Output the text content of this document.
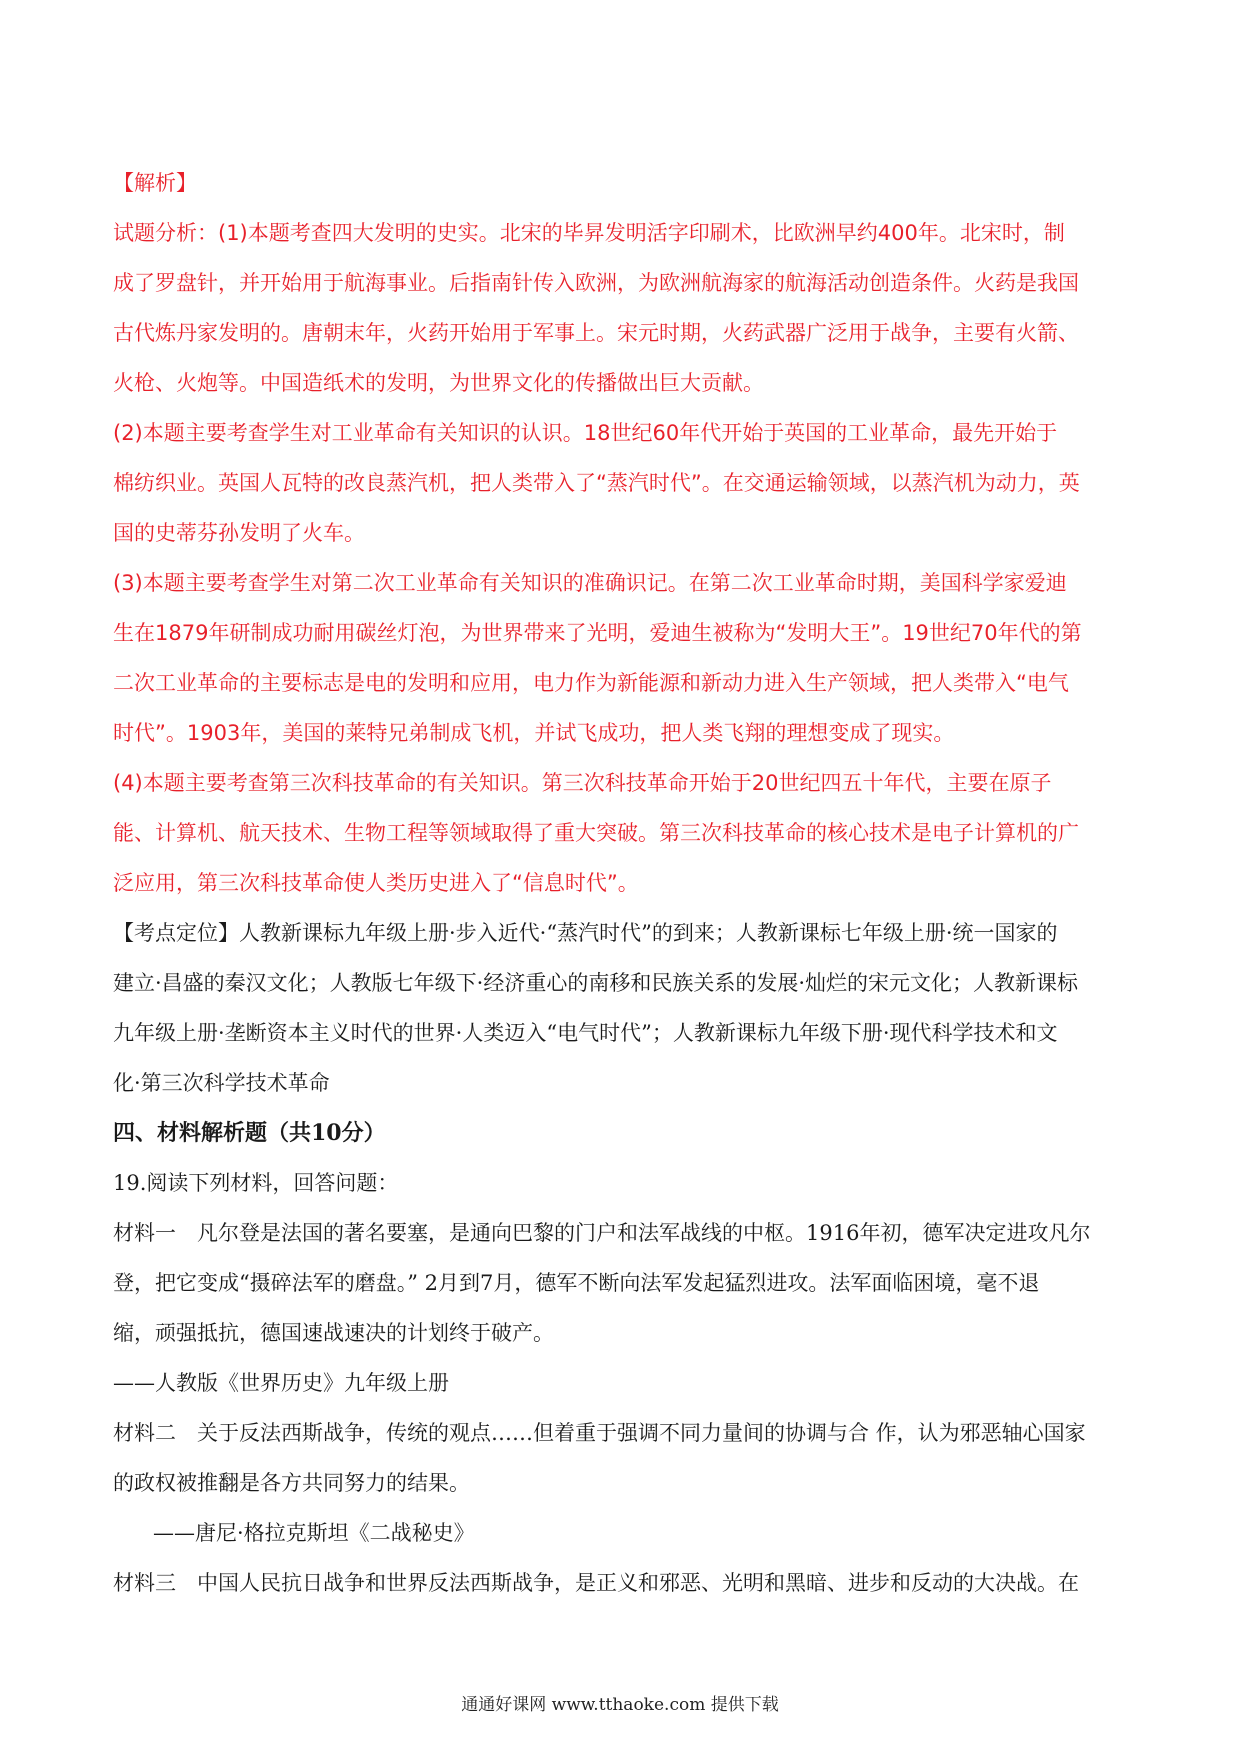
【解析】
试题分析：(1)本题考查四大发明的史实。北宋的毕昇发明活字印刷术，比欧洲早约400年。北宋时，制
成了罗盘针，并开始用于航海事业。后指南针传入欧洲，为欧洲航海家的航海活动创造条件。火药是我国
古代炼丹家发明的。唐朝末年，火药开始用于军事上。宋元时期，火药武器广泛用于战争，主要有火箭、
火枪、火炮等。中国造纸术的发明，为世界文化的传播做出巨大贡献。
(2)本题主要考查学生对工业革命有关知识的认识。18世纪60年代开始于英国的工业革命，最先开始于
棉纺织业。英国人瓦特的改良蒸汽机，把人类带入了“蒸汽时代”。在交通运输领域，以蒸汽机为动力，英
国的史蒂芬孙发明了火车。
(3)本题主要考查学生对第二次工业革命有关知识的准确识记。在第二次工业革命时期，美国科学家爱迪
生在1879年研制成功耐用碳丝灯泡，为世界带来了光明，爱迪生被称为“发明大王”。19世纪70年代的第
二次工业革命的主要标志是电的发明和应用，电力作为新能源和新动力进入生产领域，把人类带入“电气
时代”。1903年，美国的莱特兄弟制成飞机，并试飞成功，把人类飞翔的理想变成了现实。
(4)本题主要考查第三次科技革命的有关知识。第三次科技革命开始于20世纪四五十年代，主要在原子
能、计算机、航天技术、生物工程等领域取得了重大突破。第三次科技革命的核心技术是电子计算机的广
泛应用，第三次科技革命使人类历史进入了“信息时代”。
【考点定位】人教新课标九年级上册·步入近代·“蒸汽时代”的到来；人教新课标七年级上册·统一国家的
建立·昌盛的秦汉文化；人教版七年级下·经济重心的南移和民族关系的发展·灿烂的宋元文化；人教新课标
九年级上册·垄断资本主义时代的世界·人类迈入“电气时代”；人教新课标九年级下册·现代科学技术和文
化·第三次科学技术革命
四、材料解析题（共10分）
19.阅读下列材料，回答问题：
材料一　凡尔登是法国的著名要塞，是通向巴黎的门户和法军战线的中枢。1916年初，德军决定进攻凡尔
登，把它变成“摄碎法军的磨盘。” 2月到7月，德军不断向法军发起猛烈进攻。法军面临困境，毫不退
缩，顽强抵抗，德国速战速决的计划终于破产。
——人教版《世界历史》九年级上册
材料二　关于反法西斯战争，传统的观点……但着重于强调不同力量间的协调与合 作，认为邪恶轴心国家
的政权被推翻是各方共同努力的结果。
——唐尼·格拉克斯坦《二战秘史》
材料三　中国人民抗日战争和世界反法西斯战争，是正义和邪恶、光明和黑暗、进步和反动的大决战。在
通通好课网 www.tthaoke.com 提供下载
